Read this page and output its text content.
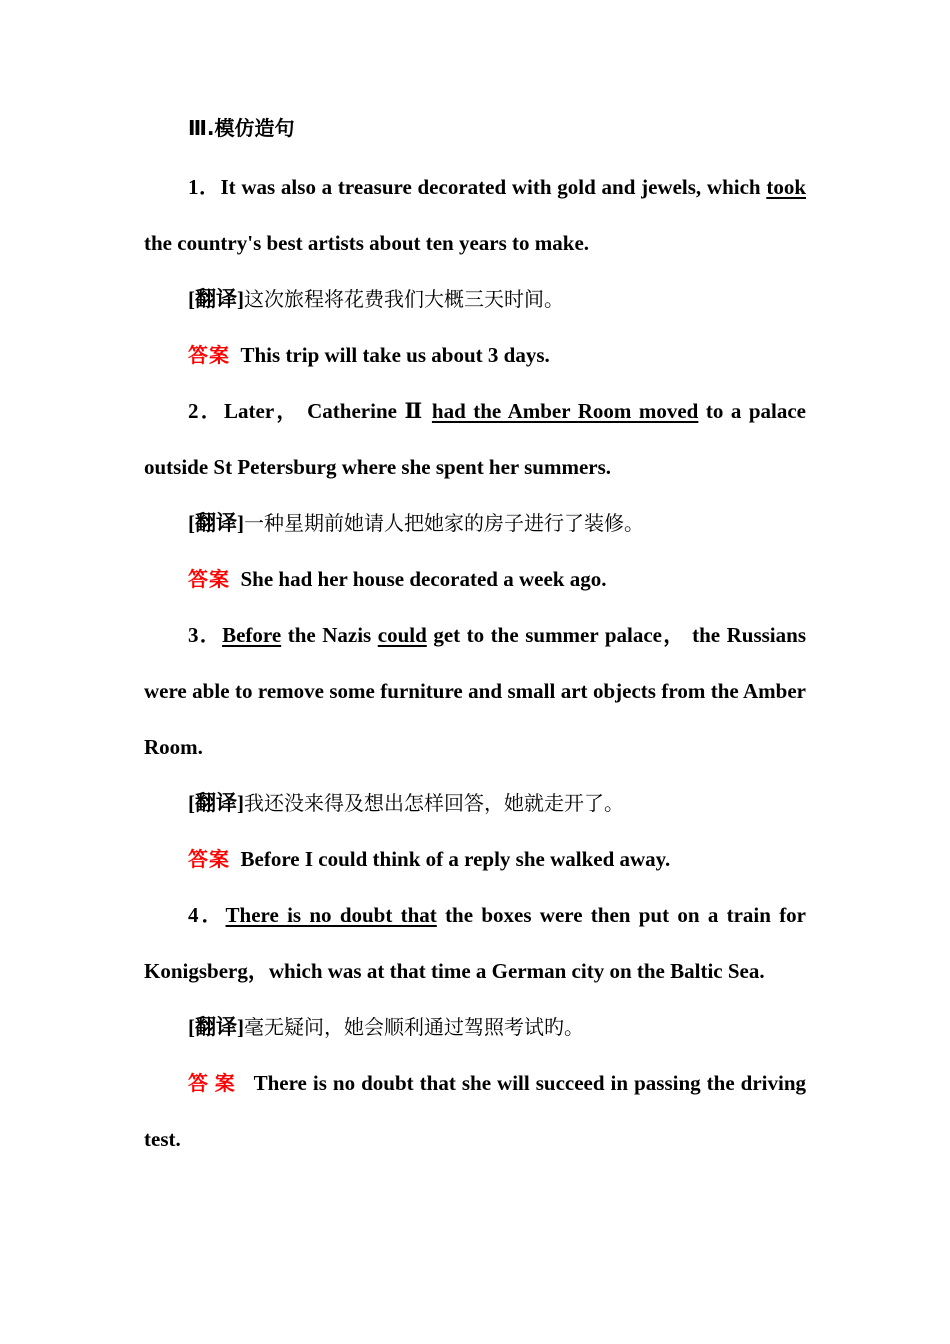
Ⅲ.模仿造句

1．It was also a treasure decorated with gold and jewels, which took the country's best artists about ten years to make.

[翻译]这次旅程将花费我们大概三天时间。

答案 This trip will take us about 3 days.

2．Later， Catherine Ⅱ had the Amber Room moved to a palace outside St Petersburg where she spent her summers.

[翻译]一种星期前她请人把她家的房子进行了装修。

答案 She had her house decorated a week ago.

3．Before the Nazis could get to the summer palace， the Russians were able to remove some furniture and small art objects from the Amber Room.

[翻译]我还没来得及想出怎样回答，她就走开了。

答案 Before I could think of a reply she walked away.

4．There is no doubt that the boxes were then put on a train for Konigsberg，which was at that time a German city on the Baltic Sea.

[翻译]毫无疑问，她会顺利通过驾照考试旳。

答案 There is no doubt that she will succeed in passing the driving test.
